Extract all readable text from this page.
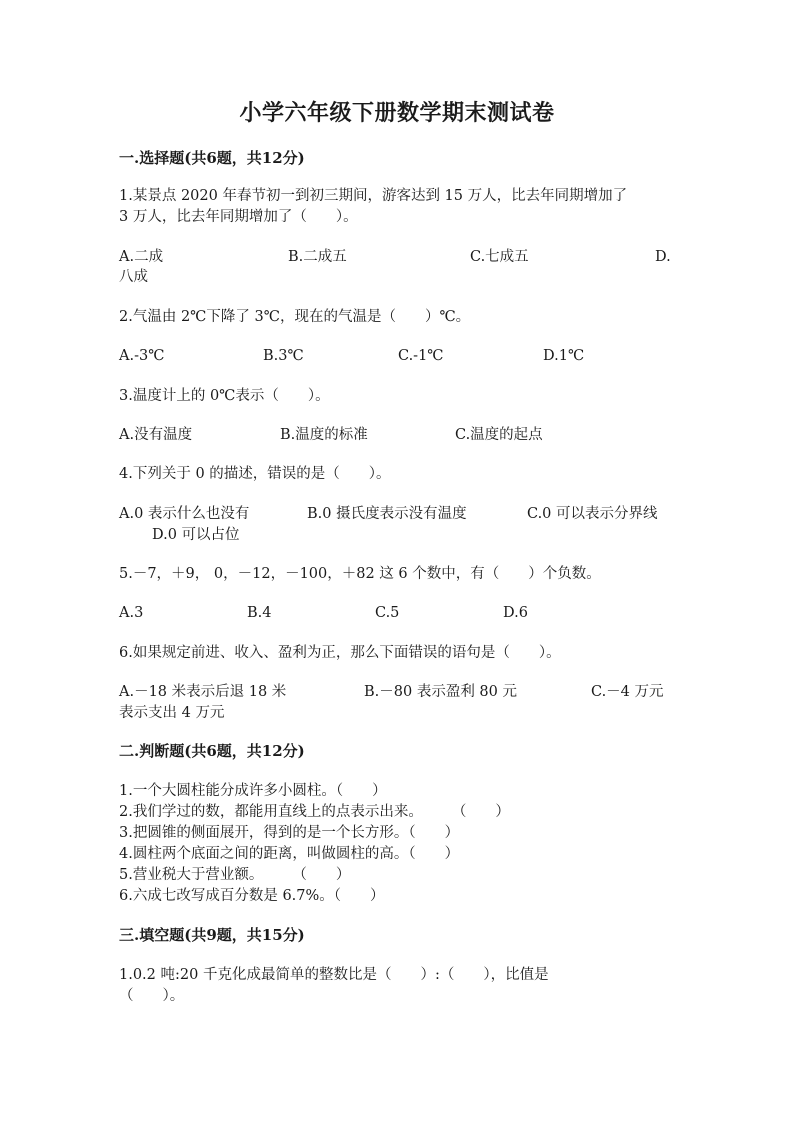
小学六年级下册数学期末测试卷
一.选择题(共6题，共12分)
1.某景点 2020 年春节初一到初三期间，游客达到 15 万人，比去年同期增加了
3 万人，比去年同期增加了（　　）。
A.二成	B.二成五	C.七成五	D.
八成
2.气温由 2℃下降了 3℃，现在的气温是（　　）℃。
A.-3℃	B.3℃	C.-1℃	D.1℃
3.温度计上的 0℃表示（　　）。
A.没有温度	B.温度的标准	C.温度的起点
4.下列关于 0 的描述，错误的是（　　）。
A.0 表示什么也没有	B.0 摄氏度表示没有温度	C.0 可以表示分界线
D.0 可以占位
5.－7，＋9， 0，－12，－100，＋82 这 6 个数中，有（　　）个负数。
A.3	B.4	C.5	D.6
6.如果规定前进、收入、盈利为正，那么下面错误的语句是（　　）。
A.－18 米表示后退 18 米	B.－80 表示盈利 80 元	C.－4 万元
表示支出 4 万元
二.判断题(共6题，共12分)
1.一个大圆柱能分成许多小圆柱。（　　）
2.我们学过的数，都能用直线上的点表示出来。　　　（　　）
3.把圆锥的侧面展开，得到的是一个长方形。（　　）
4.圆柱两个底面之间的距离，叫做圆柱的高。（　　）
5.营业税大于营业额。　　　（　　）
6.六成七改写成百分数是 6.7%。（　　）
三.填空题(共9题，共15分)
1.0.2 吨:20 千克化成最简单的整数比是（　　）:（　　），比值是
（　　）。
